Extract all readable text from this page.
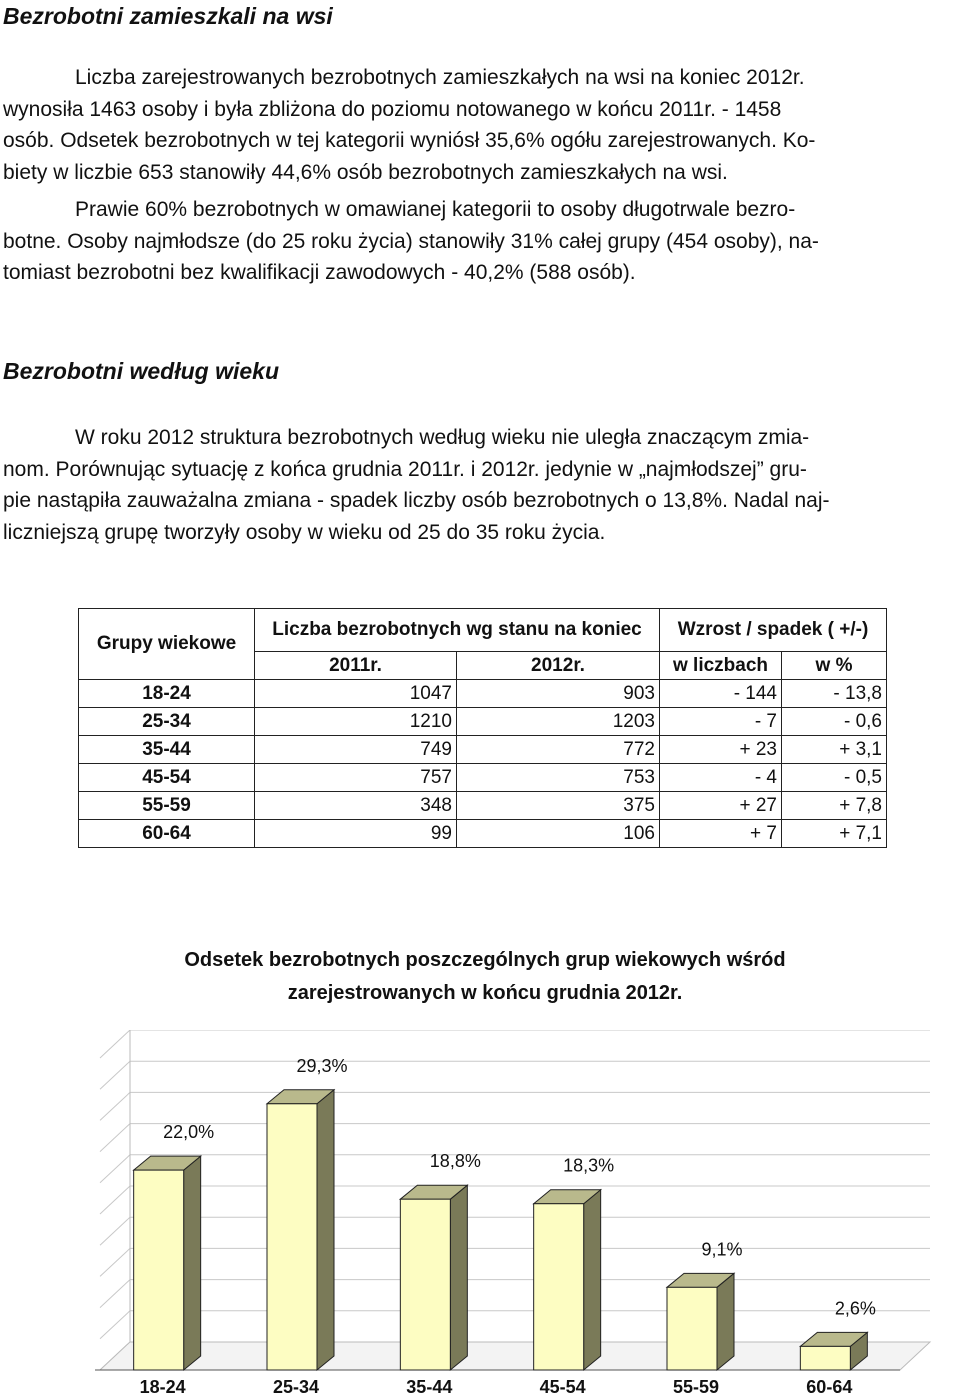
Bezrobotni zamieszkali na wsi
Liczba zarejestrowanych bezrobotnych zamieszkałych na wsi na koniec 2012r.
wynosiła 1463 osoby i była zbliżona do poziomu notowanego w końcu 2011r. - 1458
osób. Odsetek bezrobotnych w tej kategorii wyniósł 35,6% ogółu zarejestrowanych. Ko-
biety w liczbie 653 stanowiły 44,6% osób bezrobotnych zamieszkałych na wsi.
Prawie 60% bezrobotnych w omawianej kategorii to osoby długotrwale bezro-
botne. Osoby najmłodsze (do 25 roku życia) stanowiły 31% całej grupy (454 osoby), na-
tomiast bezrobotni bez kwalifikacji zawodowych - 40,2% (588 osób).
Bezrobotni według wieku
W roku 2012 struktura bezrobotnych według wieku nie uległa znaczącym zmia-
nom. Porównując sytuację z końca grudnia 2011r. i 2012r. jedynie w „najmłodszej” gru-
pie nastąpiła zauważalna zmiana - spadek liczby osób bezrobotnych o 13,8%. Nadal naj-
liczniejszą grupę tworzyły osoby w wieku od 25 do 35 roku życia.
Grupy wiekowe	Liczba bezrobotnych wg stanu na koniec		Wzrost / spadek ( +/-)	
	2011r.	2012r.	w liczbach	w %
18-24	1047	903	- 144	- 13,8
25-34	1210	1203	- 7	- 0,6
35-44	749	772	+ 23	+ 3,1
45-54	757	753	- 4	- 0,5
55-59	348	375	+ 27	+ 7,8
60-64	99	106	+ 7	+ 7,1
Odsetek bezrobotnych poszczególnych grup wiekowych wśród
zarejestrowanych w końcu grudnia 2012r.
22,0%
18-24
29,3%
25-34
18,8%
35-44
18,3%
45-54
9,1%
55-59
2,6%
60-64
